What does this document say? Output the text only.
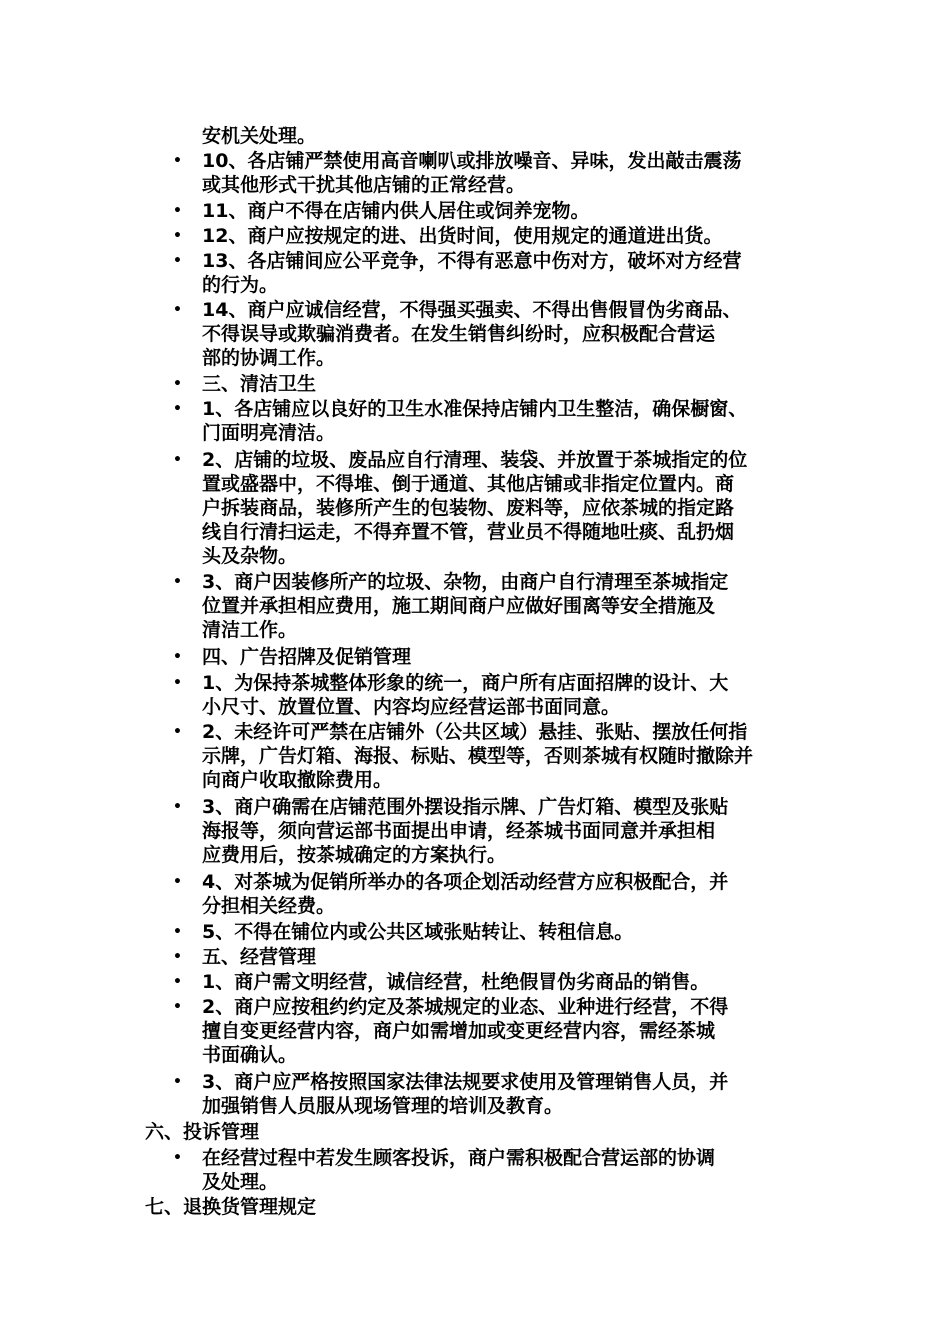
安机关处理。
• 10、各店铺严禁使用高音喇叭或排放噪音、异味，发出敲击震荡
或其他形式干扰其他店铺的正常经营。
• 11、商户不得在店铺内供人居住或饲养宠物。
• 12、商户应按规定的进、出货时间，使用规定的通道进出货。
• 13、各店铺间应公平竞争，不得有恶意中伤对方，破坏对方经营
的行为。
• 14、商户应诚信经营，不得强买强卖、不得出售假冒伪劣商品、
不得误导或欺骗消费者。在发生销售纠纷时，应积极配合营运
部的协调工作。
• 三、清洁卫生
• 1、各店铺应以良好的卫生水准保持店铺内卫生整洁，确保橱窗、
门面明亮清洁。
• 2、店铺的垃圾、废品应自行清理、装袋、并放置于茶城指定的位
置或盛器中，不得堆、倒于通道、其他店铺或非指定位置内。商
户拆装商品，装修所产生的包装物、废料等，应依茶城的指定路
线自行清扫运走，不得弃置不管，营业员不得随地吐痰、乱扔烟
头及杂物。
• 3、商户因装修所产的垃圾、杂物，由商户自行清理至茶城指定
位置并承担相应费用，施工期间商户应做好围离等安全措施及
清洁工作。
• 四、广告招牌及促销管理
• 1、为保持茶城整体形象的统一，商户所有店面招牌的设计、大
小尺寸、放置位置、内容均应经营运部书面同意。
• 2、未经许可严禁在店铺外（公共区域）悬挂、张贴、摆放任何指
示牌，广告灯箱、海报、标贴、模型等，否则茶城有权随时撤除并
向商户收取撤除费用。
• 3、商户确需在店铺范围外摆设指示牌、广告灯箱、模型及张贴
海报等，须向营运部书面提出申请，经茶城书面同意并承担相
应费用后，按茶城确定的方案执行。
• 4、对茶城为促销所举办的各项企划活动经营方应积极配合，并
分担相关经费。
• 5、不得在铺位内或公共区域张贴转让、转租信息。
• 五、经营管理
• 1、商户需文明经营，诚信经营，杜绝假冒伪劣商品的销售。
• 2、商户应按租约约定及茶城规定的业态、业种进行经营，不得
擅自变更经营内容，商户如需增加或变更经营内容，需经茶城
书面确认。
• 3、商户应严格按照国家法律法规要求使用及管理销售人员，并
加强销售人员服从现场管理的培训及教育。
六、投诉管理
• 在经营过程中若发生顾客投诉，商户需积极配合营运部的协调
及处理。
七、退换货管理规定
